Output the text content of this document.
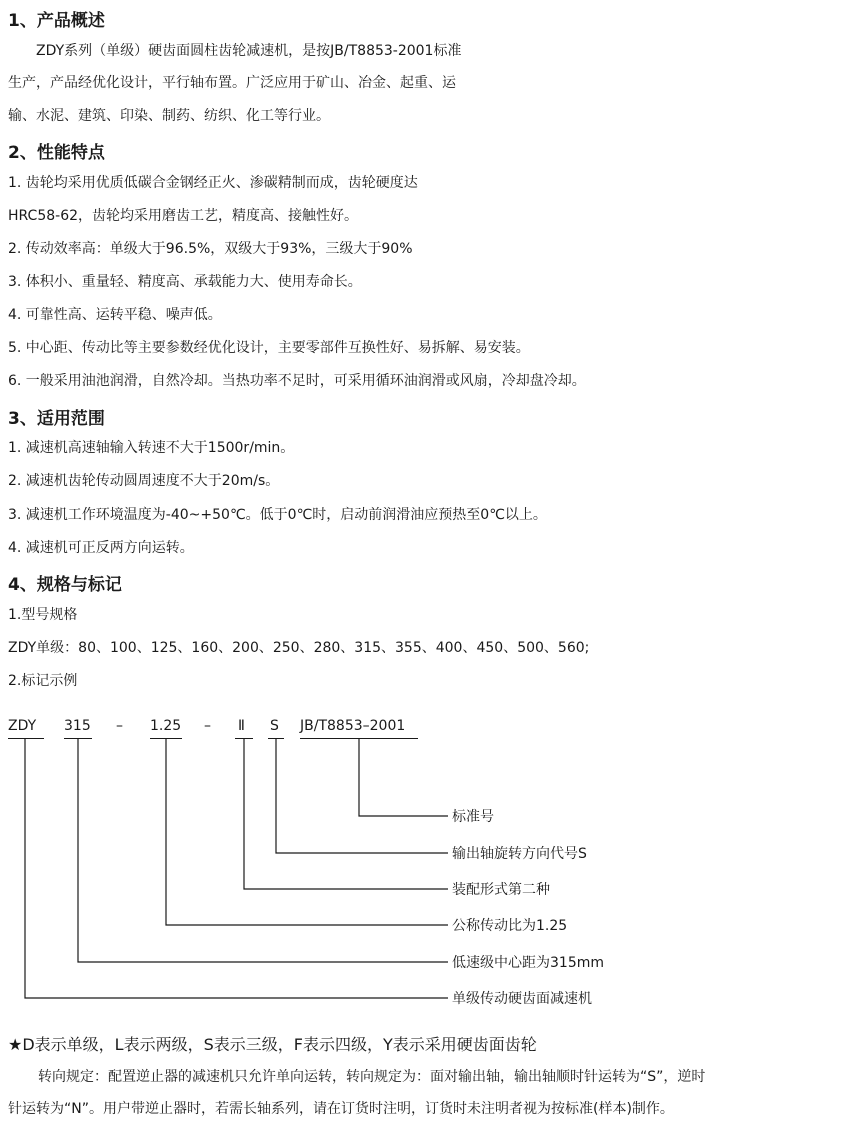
1、产品概述

ZDY系列（单级）硬齿面圆柱齿轮减速机，是按JB/T8853-2001标准

生产，产品经优化设计，平行轴布置。广泛应用于矿山、冶金、起重、运

输、水泥、建筑、印染、制药、纺织、化工等行业。

2、性能特点

1. 齿轮均采用优质低碳合金钢经正火、渗碳精制而成，齿轮硬度达

HRC58-62，齿轮均采用磨齿工艺，精度高、接触性好。

2. 传动效率高：单级大于96.5%，双级大于93%，三级大于90%

3. 体积小、重量轻、精度高、承载能力大、使用寿命长。

4. 可靠性高、运转平稳、噪声低。

5. 中心距、传动比等主要参数经优化设计，主要零部件互换性好、易拆解、易安装。

6. 一般采用油池润滑，自然冷却。当热功率不足时，可采用循环油润滑或风扇，冷却盘冷却。

3、适用范围

1. 减速机高速轴输入转速不大于1500r/min。

2. 减速机齿轮传动圆周速度不大于20m/s。

3. 减速机工作环境温度为-40~+50℃。低于0℃时，启动前润滑油应预热至0℃以上。

4. 减速机可正反两方向运转。

4、规格与标记

1.型号规格

ZDY单级：80、100、125、160、200、250、280、315、355、400、450、500、560;

2.标记示例

ZDY 315 – 1.25 – Ⅱ S JB/T8853–2001
标准号
输出轴旋转方向代号S
装配形式第二种
公称传动比为1.25
低速级中心距为315mm
单级传动硬齿面减速机

★D表示单级，L表示两级，S表示三级，F表示四级，Y表示采用硬齿面齿轮

转向规定：配置逆止器的减速机只允许单向运转，转向规定为：面对输出轴，输出轴顺时针运转为“S”，逆时

针运转为“N”。用户带逆止器时，若需长轴系列，请在订货时注明，订货时未注明者视为按标准(样本)制作。
